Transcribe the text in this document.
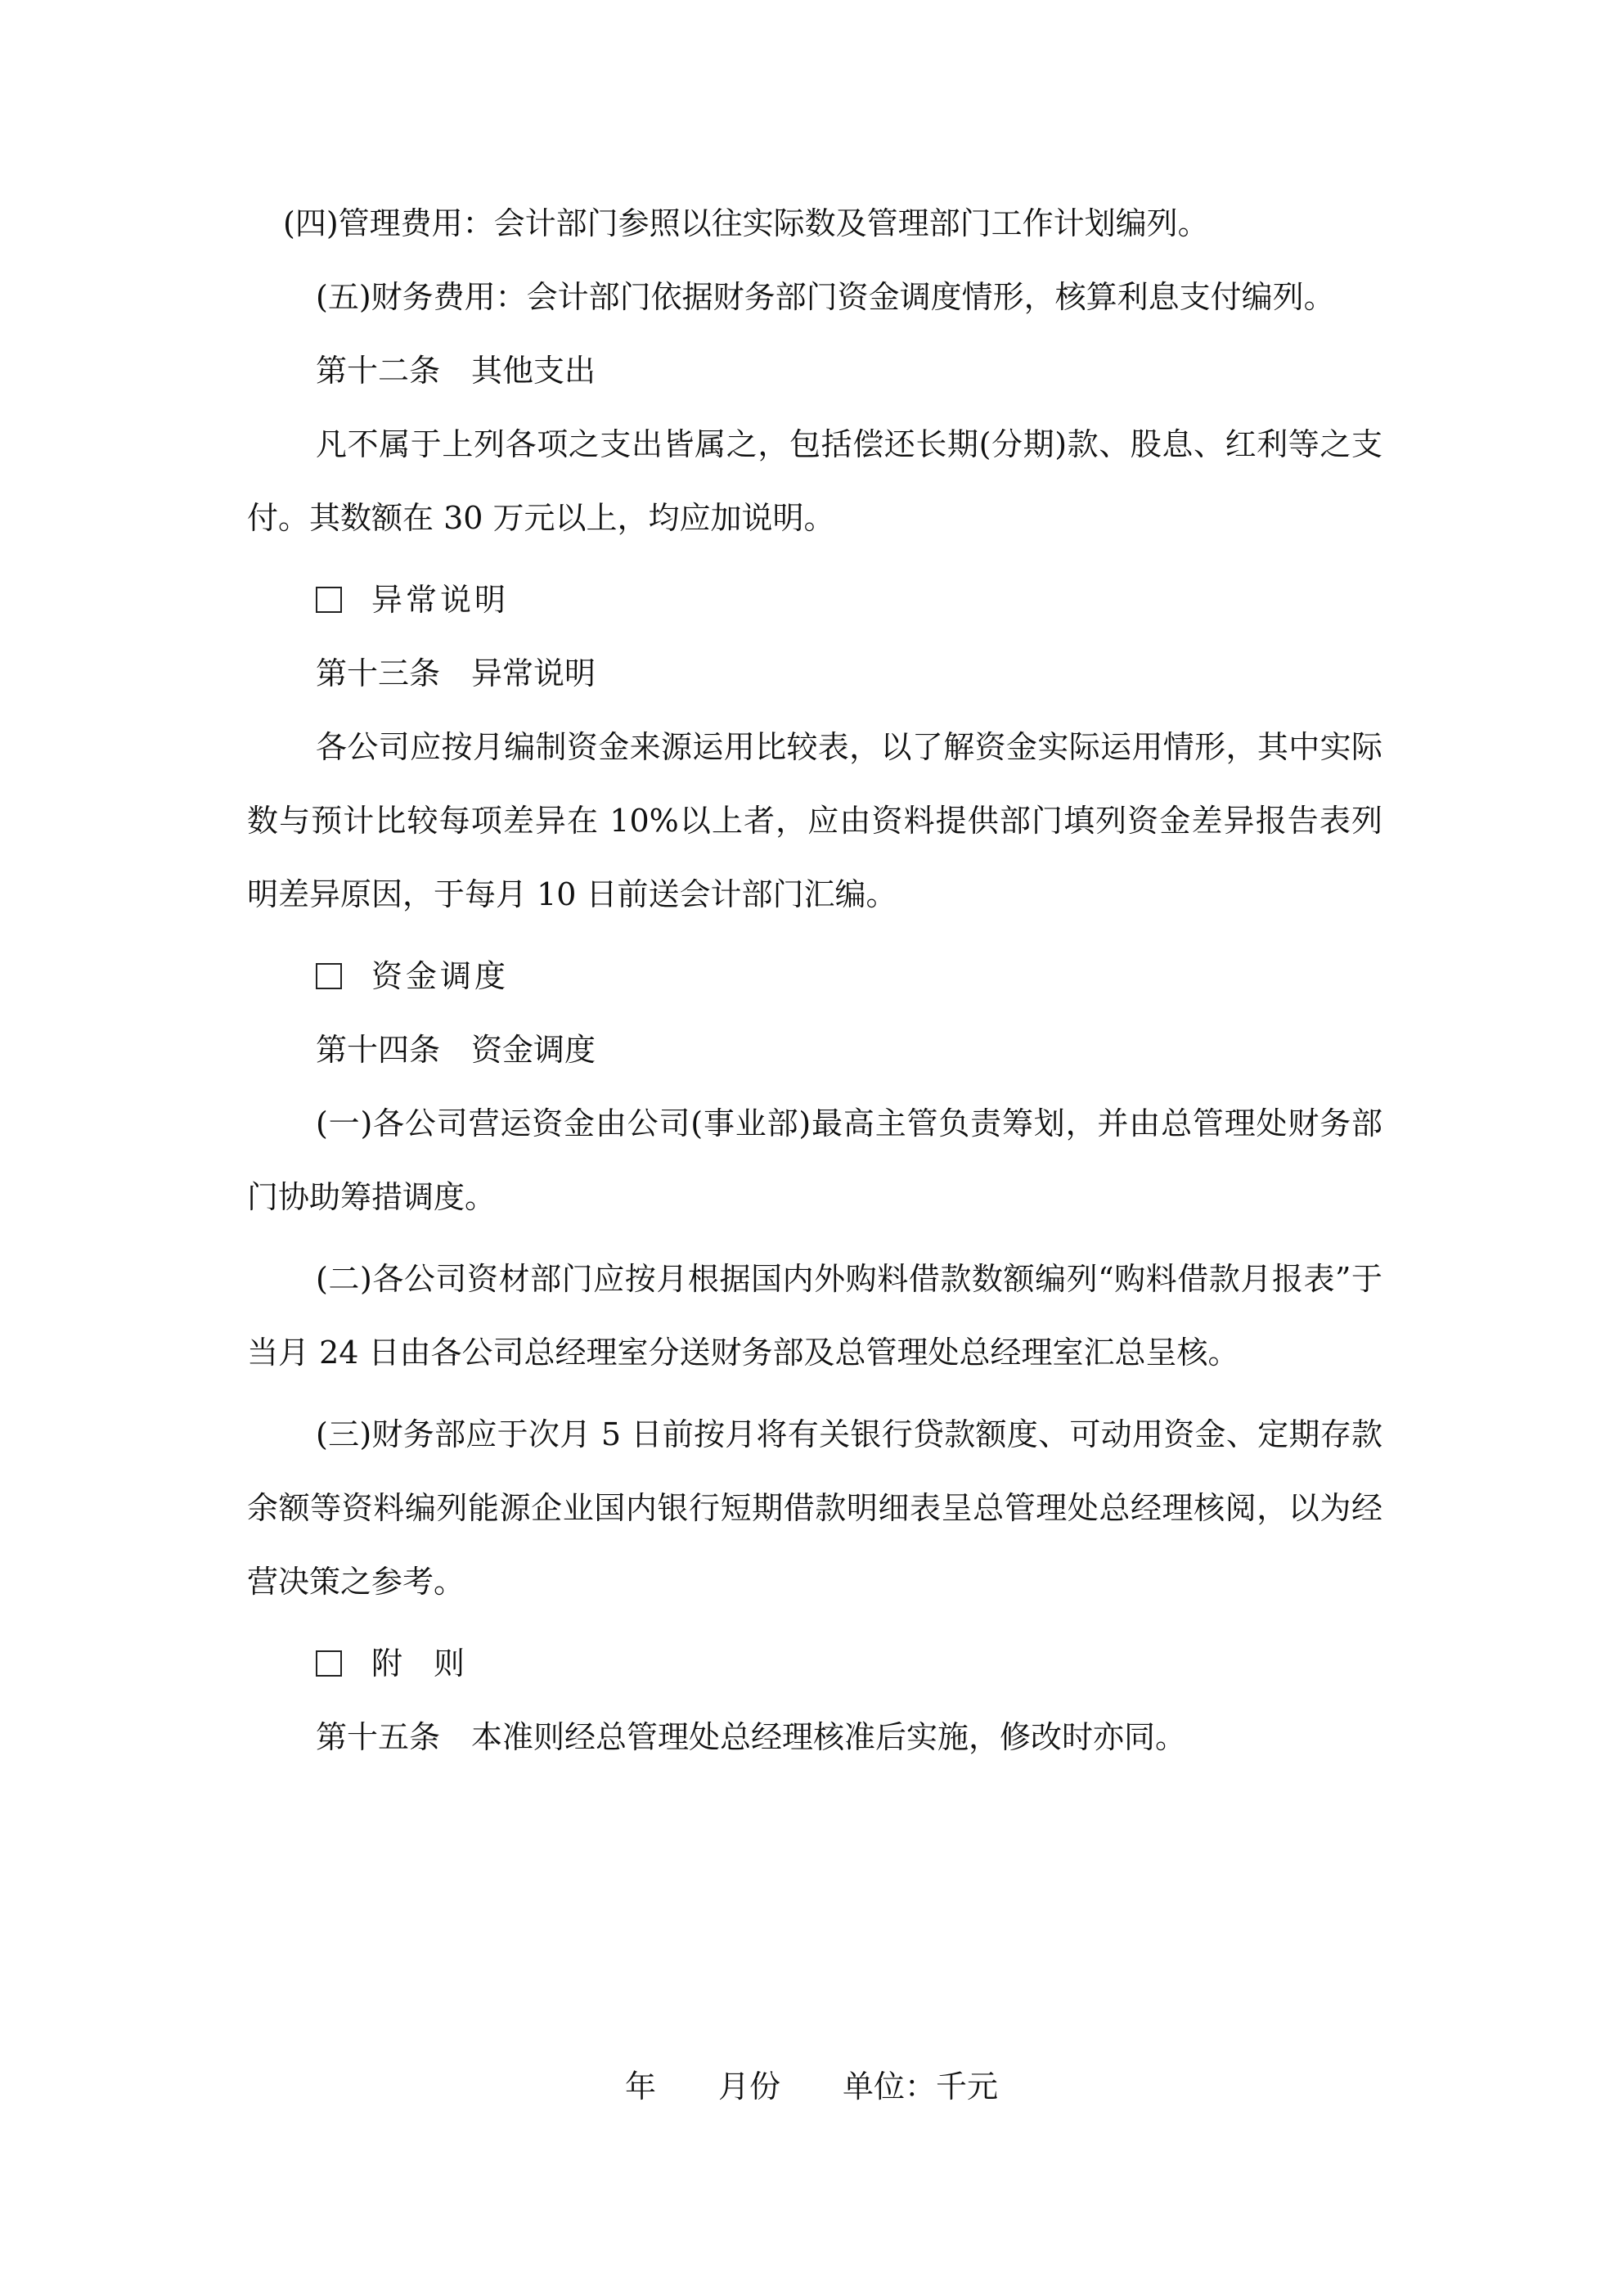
(四)管理费用：会计部门参照以往实际数及管理部门工作计划编列。

(五)财务费用：会计部门依据财务部门资金调度情形，核算利息支付编列。

第十二条　其他支出

凡不属于上列各项之支出皆属之，包括偿还长期(分期)款、股息、红利等之支付。其数额在 30 万元以上，均应加说明。

异常说明

第十三条　异常说明

各公司应按月编制资金来源运用比较表，以了解资金实际运用情形，其中实际数与预计比较每项差异在 10%以上者，应由资料提供部门填列资金差异报告表列明差异原因，于每月 10 日前送会计部门汇编。

资金调度

第十四条　资金调度

(一)各公司营运资金由公司(事业部)最高主管负责筹划，并由总管理处财务部门协助筹措调度。

(二)各公司资材部门应按月根据国内外购料借款数额编列“购料借款月报表”于当月 24 日由各公司总经理室分送财务部及总管理处总经理室汇总呈核。

(三)财务部应于次月 5 日前按月将有关银行贷款额度、可动用资金、定期存款余额等资料编列能源企业国内银行短期借款明细表呈总管理处总经理核阅，以为经营决策之参考。

附　则

第十五条　本准则经总管理处总经理核准后实施，修改时亦同。

年　　月份　　单位：千元
